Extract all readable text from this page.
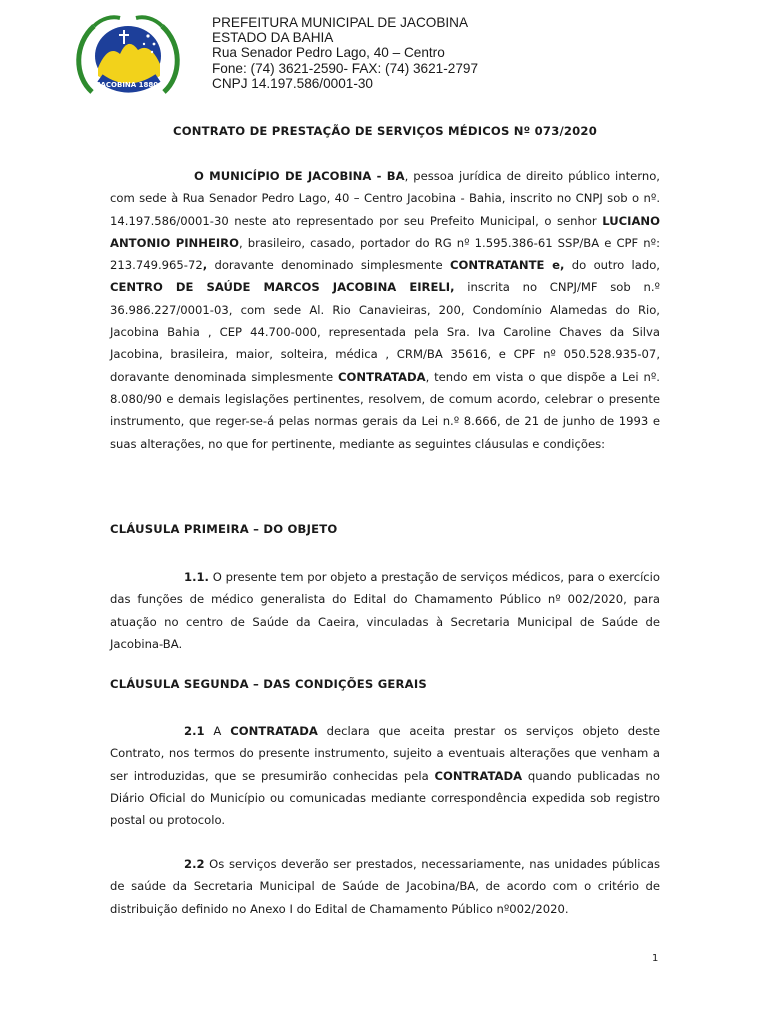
JACOBINA 1880
PREFEITURA MUNICIPAL DE JACOBINA
ESTADO DA BAHIA
Rua Senador Pedro Lago, 40 – Centro
Fone: (74) 3621-2590- FAX: (74) 3621-2797
CNPJ 14.197.586/0001-30
CONTRATO DE PRESTAÇÃO DE SERVIÇOS MÉDICOS Nº 073/2020
O MUNICÍPIO DE JACOBINA - BA, pessoa jurídica de direito público interno, com sede à Rua Senador Pedro Lago, 40 – Centro Jacobina - Bahia, inscrito no CNPJ sob o nº. 14.197.586/0001-30 neste ato representado por seu Prefeito Municipal, o senhor LUCIANO ANTONIO PINHEIRO, brasileiro, casado, portador do RG nº 1.595.386-61 SSP/BA e CPF nº: 213.749.965-72, doravante denominado simplesmente CONTRATANTE e, do outro lado, CENTRO DE SAÚDE MARCOS JACOBINA EIRELI, inscrita no CNPJ/MF sob n.º 36.986.227/0001-03, com sede Al. Rio Canavieiras, 200, Condomínio Alamedas do Rio, Jacobina Bahia , CEP 44.700-000, representada pela Sra. Iva Caroline Chaves da Silva Jacobina, brasileira, maior, solteira, médica , CRM/BA 35616, e CPF nº 050.528.935-07, doravante denominada simplesmente CONTRATADA, tendo em vista o que dispõe a Lei nº. 8.080/90 e demais legislações pertinentes, resolvem, de comum acordo, celebrar o presente instrumento, que reger-se-á pelas normas gerais da Lei n.º 8.666, de 21 de junho de 1993 e suas alterações, no que for pertinente, mediante as seguintes cláusulas e condições:
CLÁUSULA PRIMEIRA – DO OBJETO
1.1. O presente tem por objeto a prestação de serviços médicos, para o exercício das funções de médico generalista do Edital do Chamamento Público nº 002/2020, para atuação no centro de Saúde da Caeira, vinculadas à Secretaria Municipal de Saúde de Jacobina-BA.
CLÁUSULA SEGUNDA – DAS CONDIÇÕES GERAIS
2.1 A CONTRATADA declara que aceita prestar os serviços objeto deste Contrato, nos termos do presente instrumento, sujeito a eventuais alterações que venham a ser introduzidas, que se presumirão conhecidas pela CONTRATADA quando publicadas no Diário Oficial do Município ou comunicadas mediante correspondência expedida sob registro postal ou protocolo.
2.2 Os serviços deverão ser prestados, necessariamente, nas unidades públicas de saúde da Secretaria Municipal de Saúde de Jacobina/BA, de acordo com o critério de distribuição definido no Anexo I do Edital de Chamamento Público nº002/2020.
1
